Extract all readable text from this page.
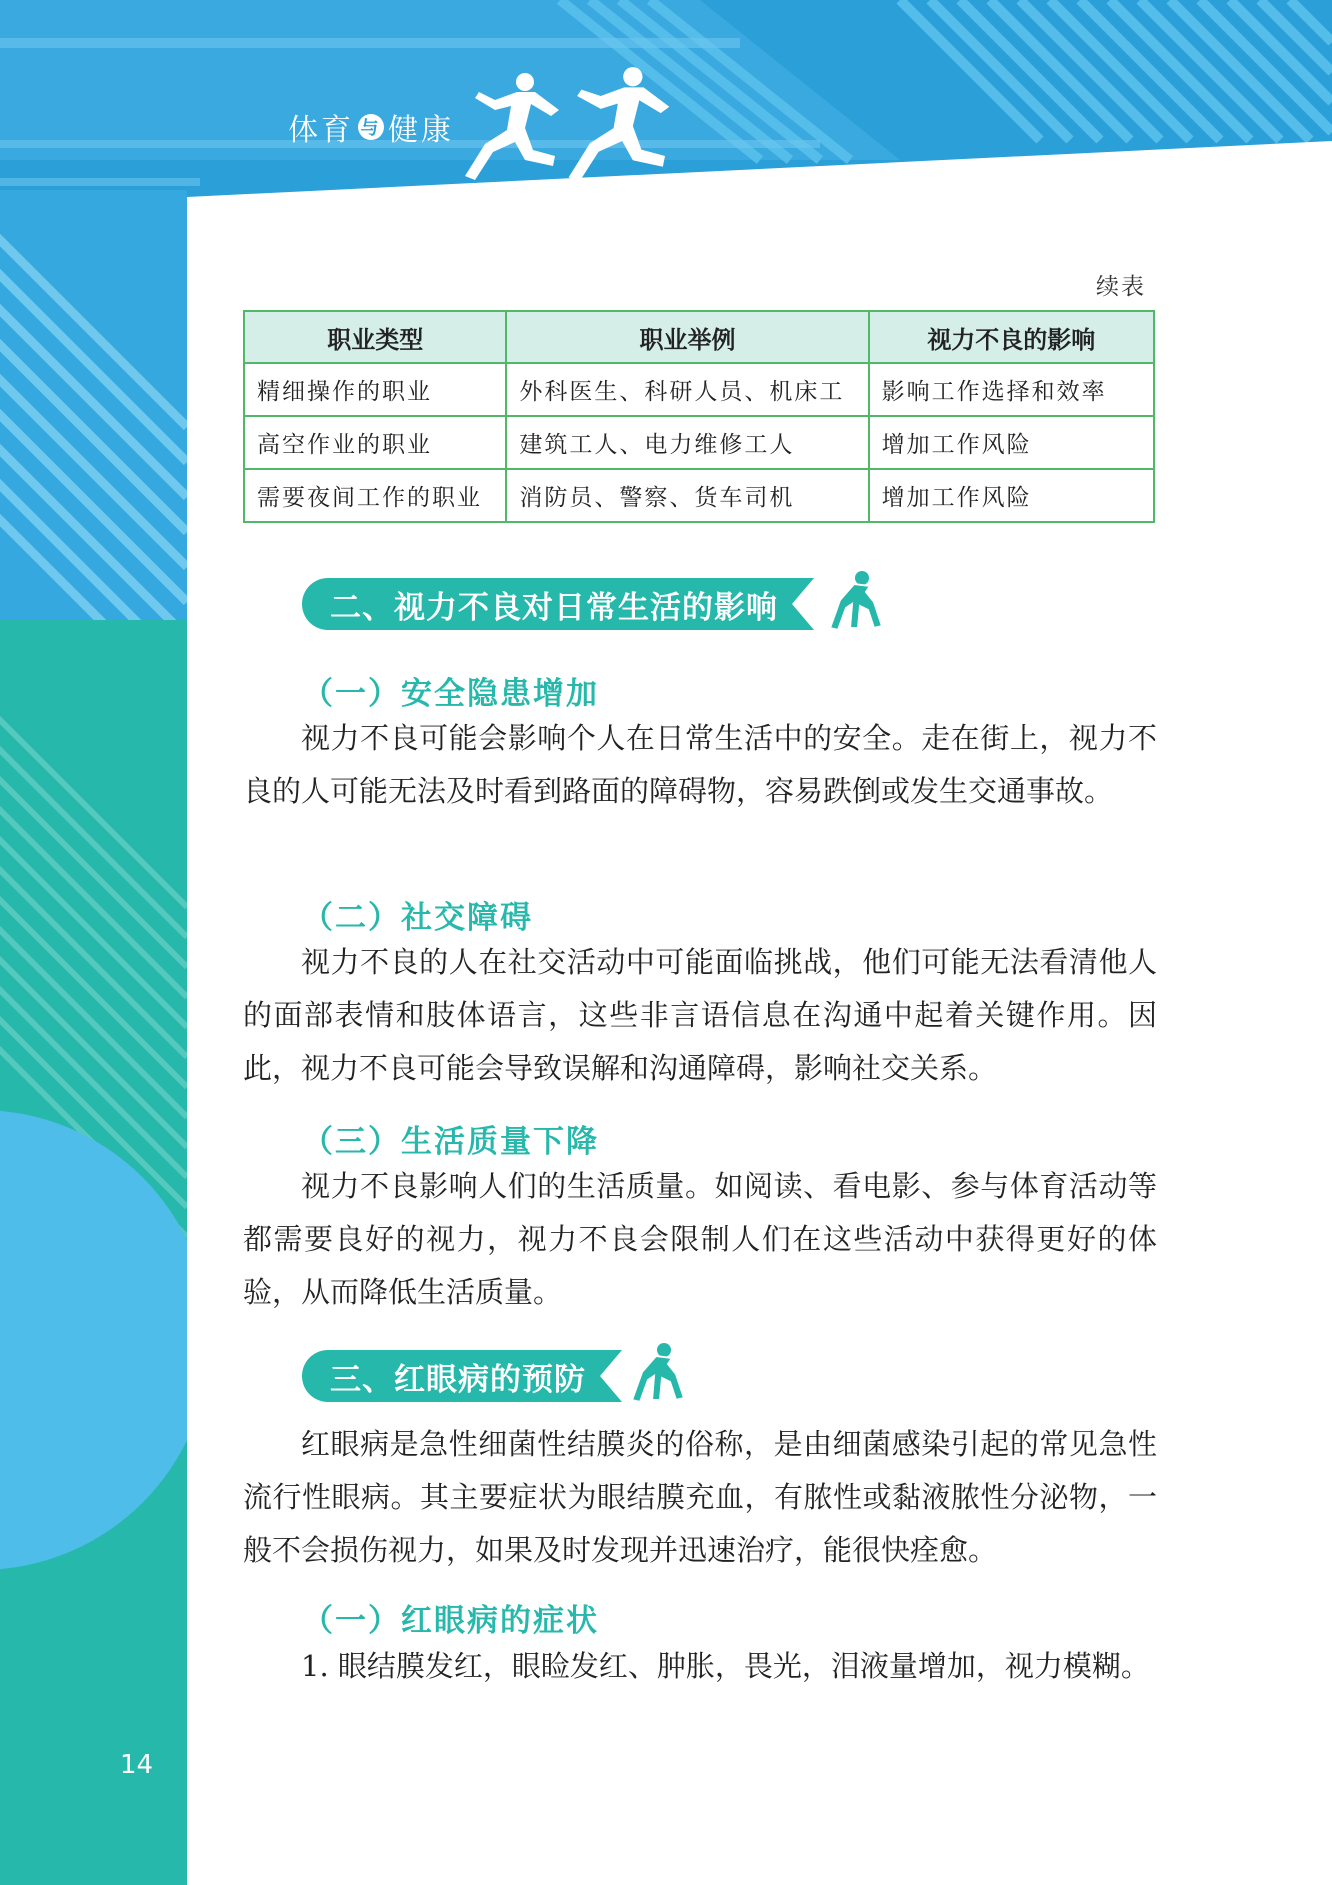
体育 与 健康
续表
职业类型	职业举例	视力不良的影响
精细操作的职业	外科医生、科研人员、机床工	影响工作选择和效率
高空作业的职业	建筑工人、电力维修工人	增加工作风险
需要夜间工作的职业	消防员、警察、货车司机	增加工作风险
二、视力不良对日常生活的影响
（一）安全隐患增加

视力不良可能会影响个人在日常生活中的安全。走在街上，视力不良的人可能无法及时看到路面的障碍物，容易跌倒或发生交通事故。

（二）社交障碍

视力不良的人在社交活动中可能面临挑战，他们可能无法看清他人的面部表情和肢体语言，这些非言语信息在沟通中起着关键作用。因此，视力不良可能会导致误解和沟通障碍，影响社交关系。

（三）生活质量下降

视力不良影响人们的生活质量。如阅读、看电影、参与体育活动等都需要良好的视力，视力不良会限制人们在这些活动中获得更好的体验，从而降低生活质量。

三、红眼病的预防

红眼病是急性细菌性结膜炎的俗称，是由细菌感染引起的常见急性流行性眼病。其主要症状为眼结膜充血，有脓性或黏液脓性分泌物，一般不会损伤视力，如果及时发现并迅速治疗，能很快痊愈。

（一）红眼病的症状

1. 眼结膜发红，眼睑发红、肿胀，畏光，泪液量增加，视力模糊。

14
